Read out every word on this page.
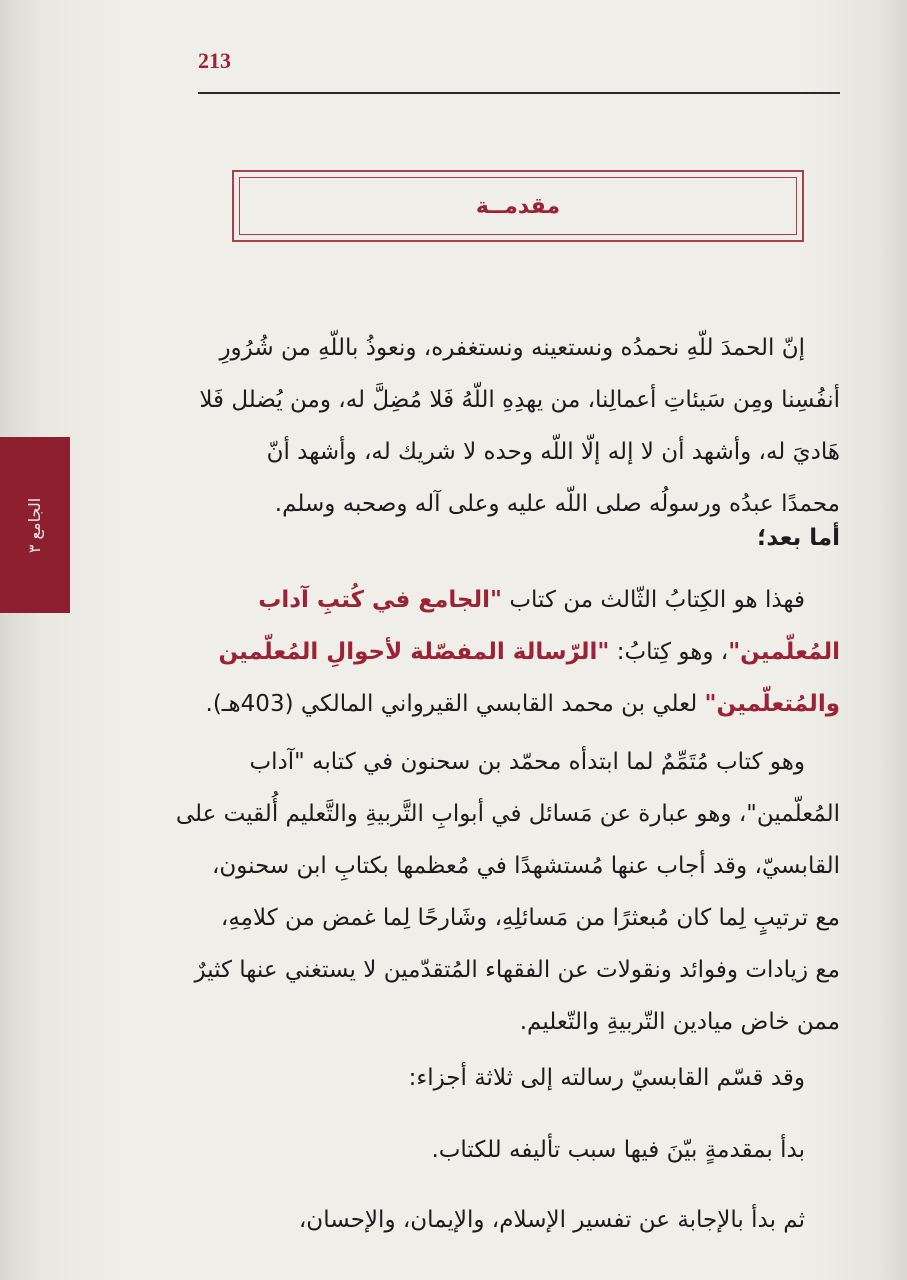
213
مقدمــة
الجامع ٣
إنّ الحمدَ للّهِ نحمدُه ونستعينه ونستغفره، ونعوذُ باللّهِ من شُرُورِ
أنفُسِنا ومِن سَيئاتِ أعمالِنا، من يهدِهِ اللّهُ فَلا مُضِلَّ له، ومن يُضلل فَلا
هَاديَ له، وأشهد أن لا إله إلّا اللّه وحده لا شريك له، وأشهد أنّ
محمدًا عبدُه ورسولُه صلى اللّه عليه وعلى آله وصحبه وسلم.
أما بعد؛
فهذا هو الكِتابُ الثّالث من كتاب "الجامع في كُتبِ آداب
المُعلّمين"، وهو كِتابُ: "الرّسالة المفصّلة لأحوالِ المُعلّمين
والمُتعلّمين" لعلي بن محمد القابسي القيرواني المالكي (403هـ).
وهو كتاب مُتَمِّمٌ لما ابتدأه محمّد بن سحنون في كتابه "آداب
المُعلّمين"، وهو عبارة عن مَسائل في أبوابِ التَّربيةِ والتَّعليم أُلقيت على
القابسيّ، وقد أجاب عنها مُستشهدًا في مُعظمها بكتابِ ابن سحنون،
مع ترتيبٍ لِما كان مُبعثرًا من مَسائلِهِ، وشَارحًا لِما غمض من كلامِهِ،
مع زيادات وفوائد ونقولات عن الفقهاء المُتقدّمين لا يستغني عنها كثيرٌ
ممن خاض ميادين التّربيةِ والتّعليم.
وقد قسّم القابسيّ رسالته إلى ثلاثة أجزاء:
بدأ بمقدمةٍ بيّنَ فيها سبب تأليفه للكتاب.
ثم بدأ بالإجابة عن تفسير الإسلام، والإيمان، والإحسان،
